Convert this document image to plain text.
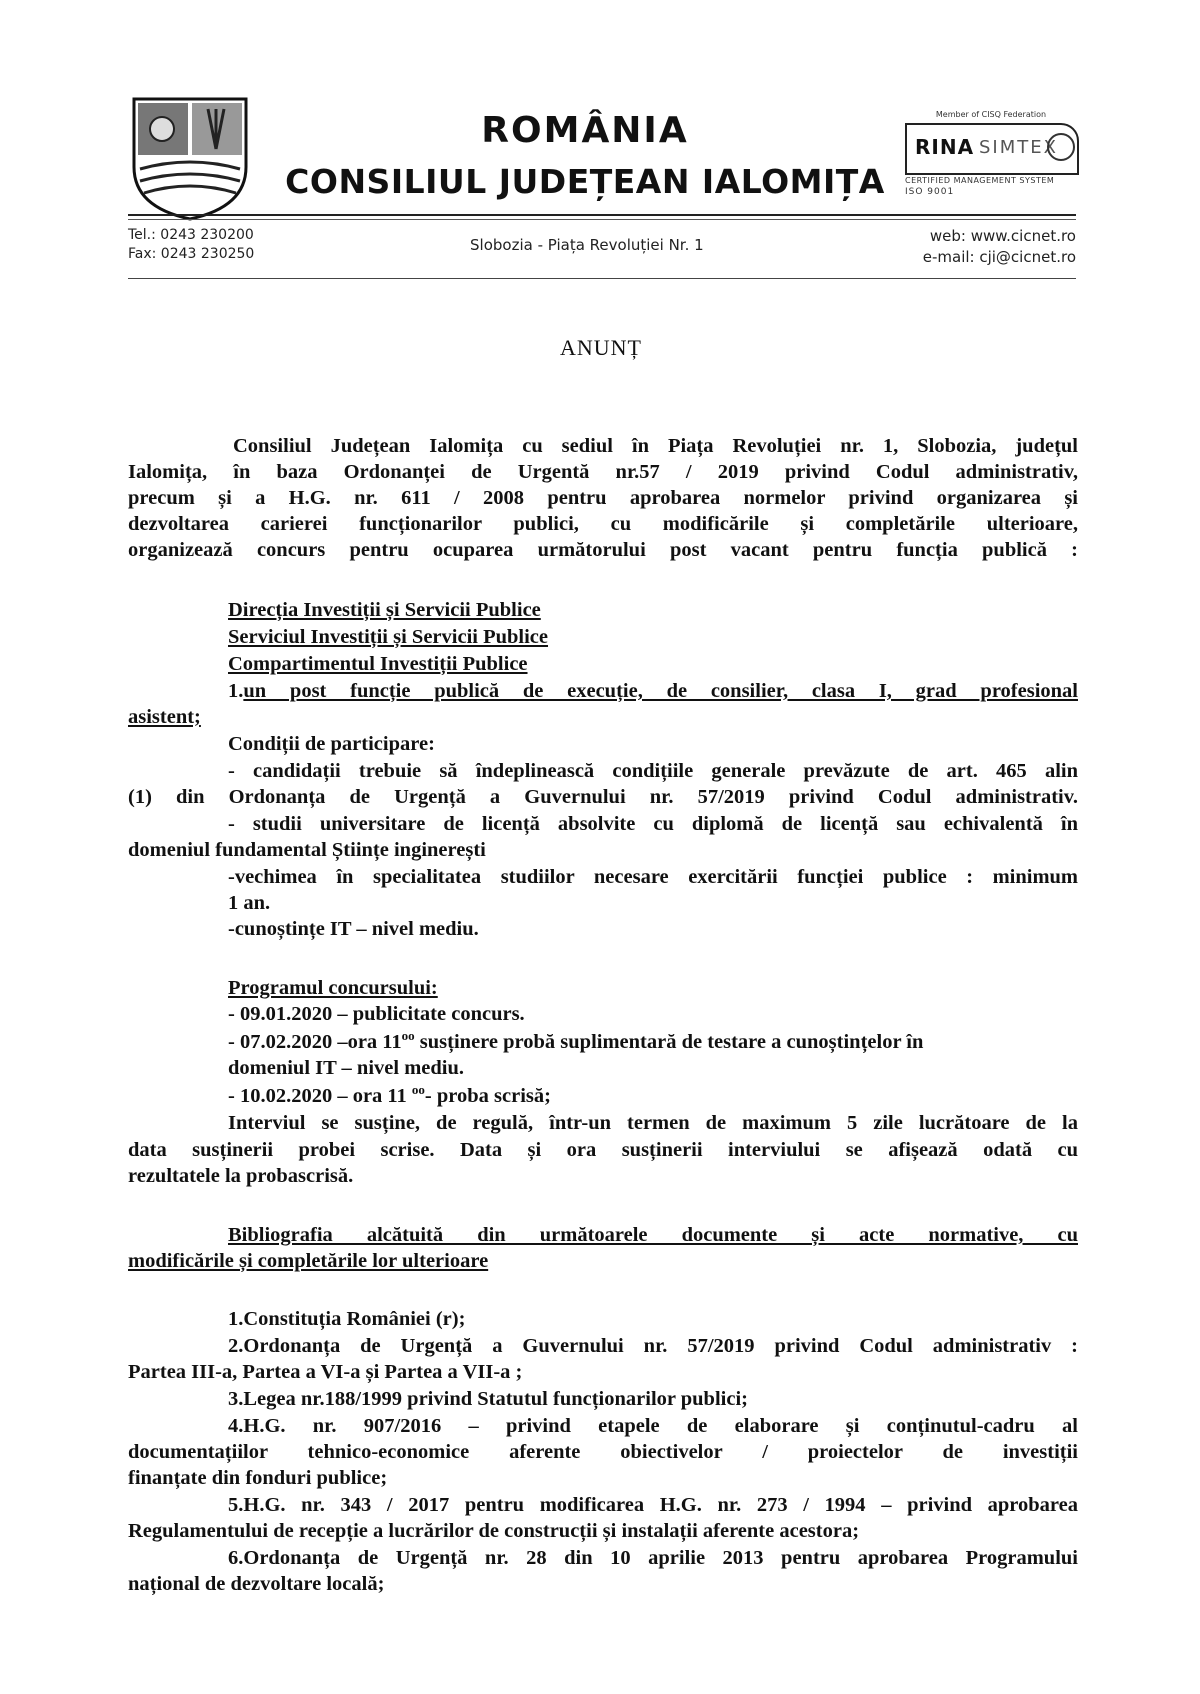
ROMÂNIA
CONSILIUL JUDEȚEAN IALOMIȚA
Member of CISQ Federation
RINA SIMTEX
CERTIFIED MANAGEMENT SYSTEM
ISO 9001
Tel.: 0243 230200
Fax: 0243 230250	Slobozia - Piața Revoluției Nr. 1	web: www.cicnet.ro
e-mail: cji@cicnet.ro
ANUNȚ
Consiliul Județean Ialomița cu sediul în Piața Revoluției nr. 1, Slobozia, județul
Ialomița, în baza Ordonanței de Urgentă nr.57 / 2019 privind Codul administrativ,
precum și a H.G. nr. 611 / 2008 pentru aprobarea normelor privind organizarea și
dezvoltarea carierei funcționarilor publici, cu modificările și completările ulterioare,
organizează concurs pentru ocuparea următorului post vacant pentru funcția publică :
Direcția Investiții și Servicii Publice
Serviciul Investiții și Servicii Publice
Compartimentul Investiții Publice
1. un post funcție publică de execuție, de consilier, clasa I, grad profesional
asistent;
Condiții de participare:
- candidații trebuie să îndeplinească condițiile generale prevăzute de art. 465 alin
(1) din Ordonanța de Urgență a Guvernului nr. 57/2019 privind Codul administrativ.
- studii universitare de licență absolvite cu diplomă de licență sau echivalentă în
domeniul fundamental Științe inginerești
-vechimea în specialitatea studiilor necesare exercitării funcției publice : minimum
1 an.
-cunoștințe IT – nivel mediu.
Programul concursului:
- 09.01.2020 – publicitate concurs.
- 07.02.2020 –ora $11^{oo}$ susținere probă suplimentară de testare a cunoștințelor în
domeniul IT – nivel mediu.
- 10.02.2020 – ora 11 $^{oo}$- proba scrisă;
Interviul se susține, de regulă, într-un termen de maximum 5 zile lucrătoare de la
data susținerii probei scrise. Data și ora susținerii interviului se afișează odată cu
rezultatele la probascrisă.
Bibliografia alcătuită din următoarele documente și acte normative, cu
modificările și completările lor ulterioare
1.Constituția României (r);
2.Ordonanța de Urgență a Guvernului nr. 57/2019 privind Codul administrativ :
Partea III-a, Partea a VI-a și Partea a VII-a ;
3.Legea nr.188/1999 privind Statutul funcționarilor publici;
4.H.G. nr. 907/2016 – privind etapele de elaborare și conținutul-cadru al
documentațiilor tehnico-economice aferente obiectivelor / proiectelor de investiții
finanțate din fonduri publice;
5.H.G. nr. 343 / 2017 pentru modificarea H.G. nr. 273 / 1994 – privind aprobarea
Regulamentului de recepție a lucrărilor de construcții și instalații aferente acestora;
6.Ordonanța de Urgență nr. 28 din 10 aprilie 2013 pentru aprobarea Programului
național de dezvoltare locală;
